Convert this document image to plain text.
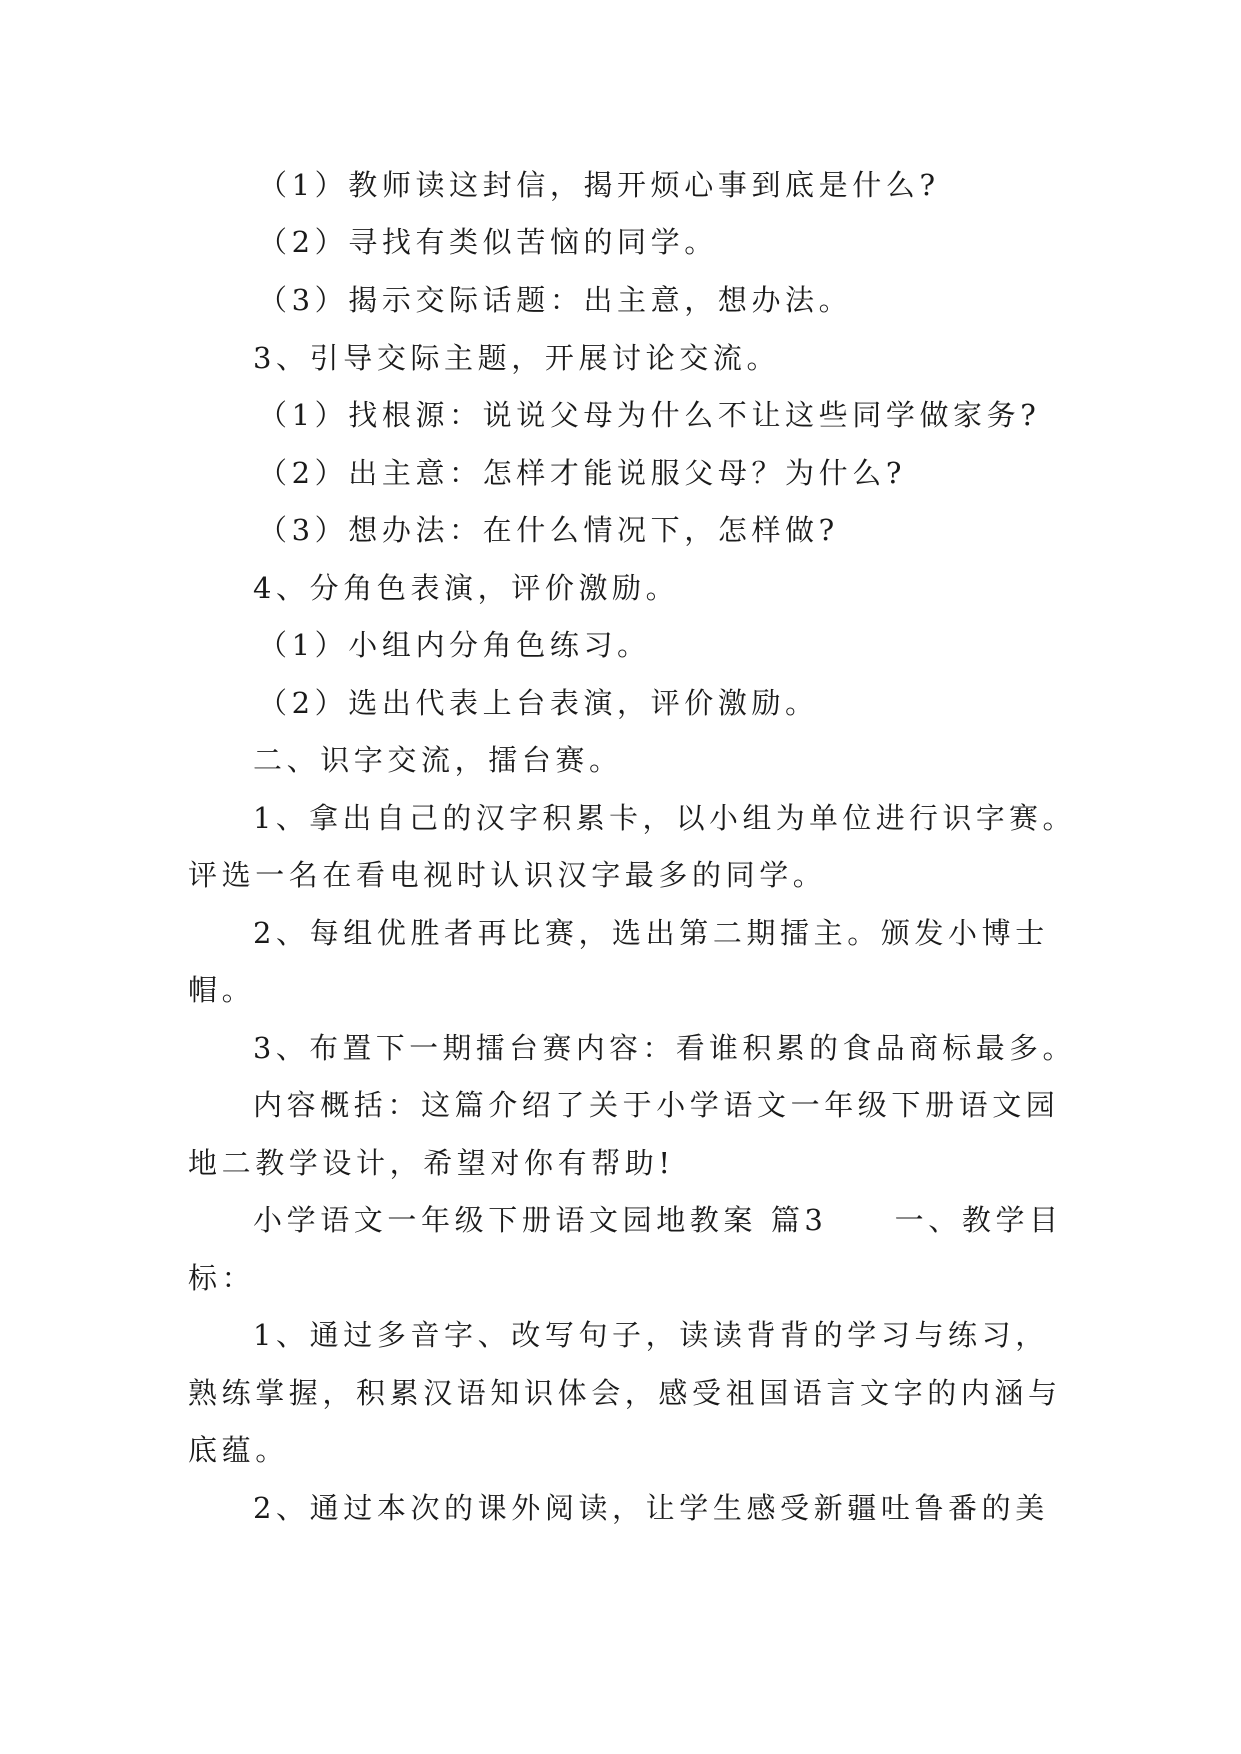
（1）教师读这封信，揭开烦心事到底是什么?
（2）寻找有类似苦恼的同学。
（3）揭示交际话题：出主意，想办法。
3、引导交际主题，开展讨论交流。
（1）找根源：说说父母为什么不让这些同学做家务?
（2）出主意：怎样才能说服父母？为什么?
（3）想办法：在什么情况下，怎样做?
4、分角色表演，评价激励。
（1）小组内分角色练习。
（2）选出代表上台表演，评价激励。
二、识字交流，擂台赛。
1、拿出自己的汉字积累卡，以小组为单位进行识字赛。
评选一名在看电视时认识汉字最多的同学。
2、每组优胜者再比赛，选出第二期擂主。颁发小博士
帽。
3、布置下一期擂台赛内容：看谁积累的食品商标最多。
内容概括：这篇介绍了关于小学语文一年级下册语文园
地二教学设计，希望对你有帮助!
小学语文一年级下册语文园地教案 篇3　　一、教学目
标：
1、通过多音字、改写句子，读读背背的学习与练习，
熟练掌握，积累汉语知识体会，感受祖国语言文字的内涵与
底蕴。
2、通过本次的课外阅读，让学生感受新疆吐鲁番的美
